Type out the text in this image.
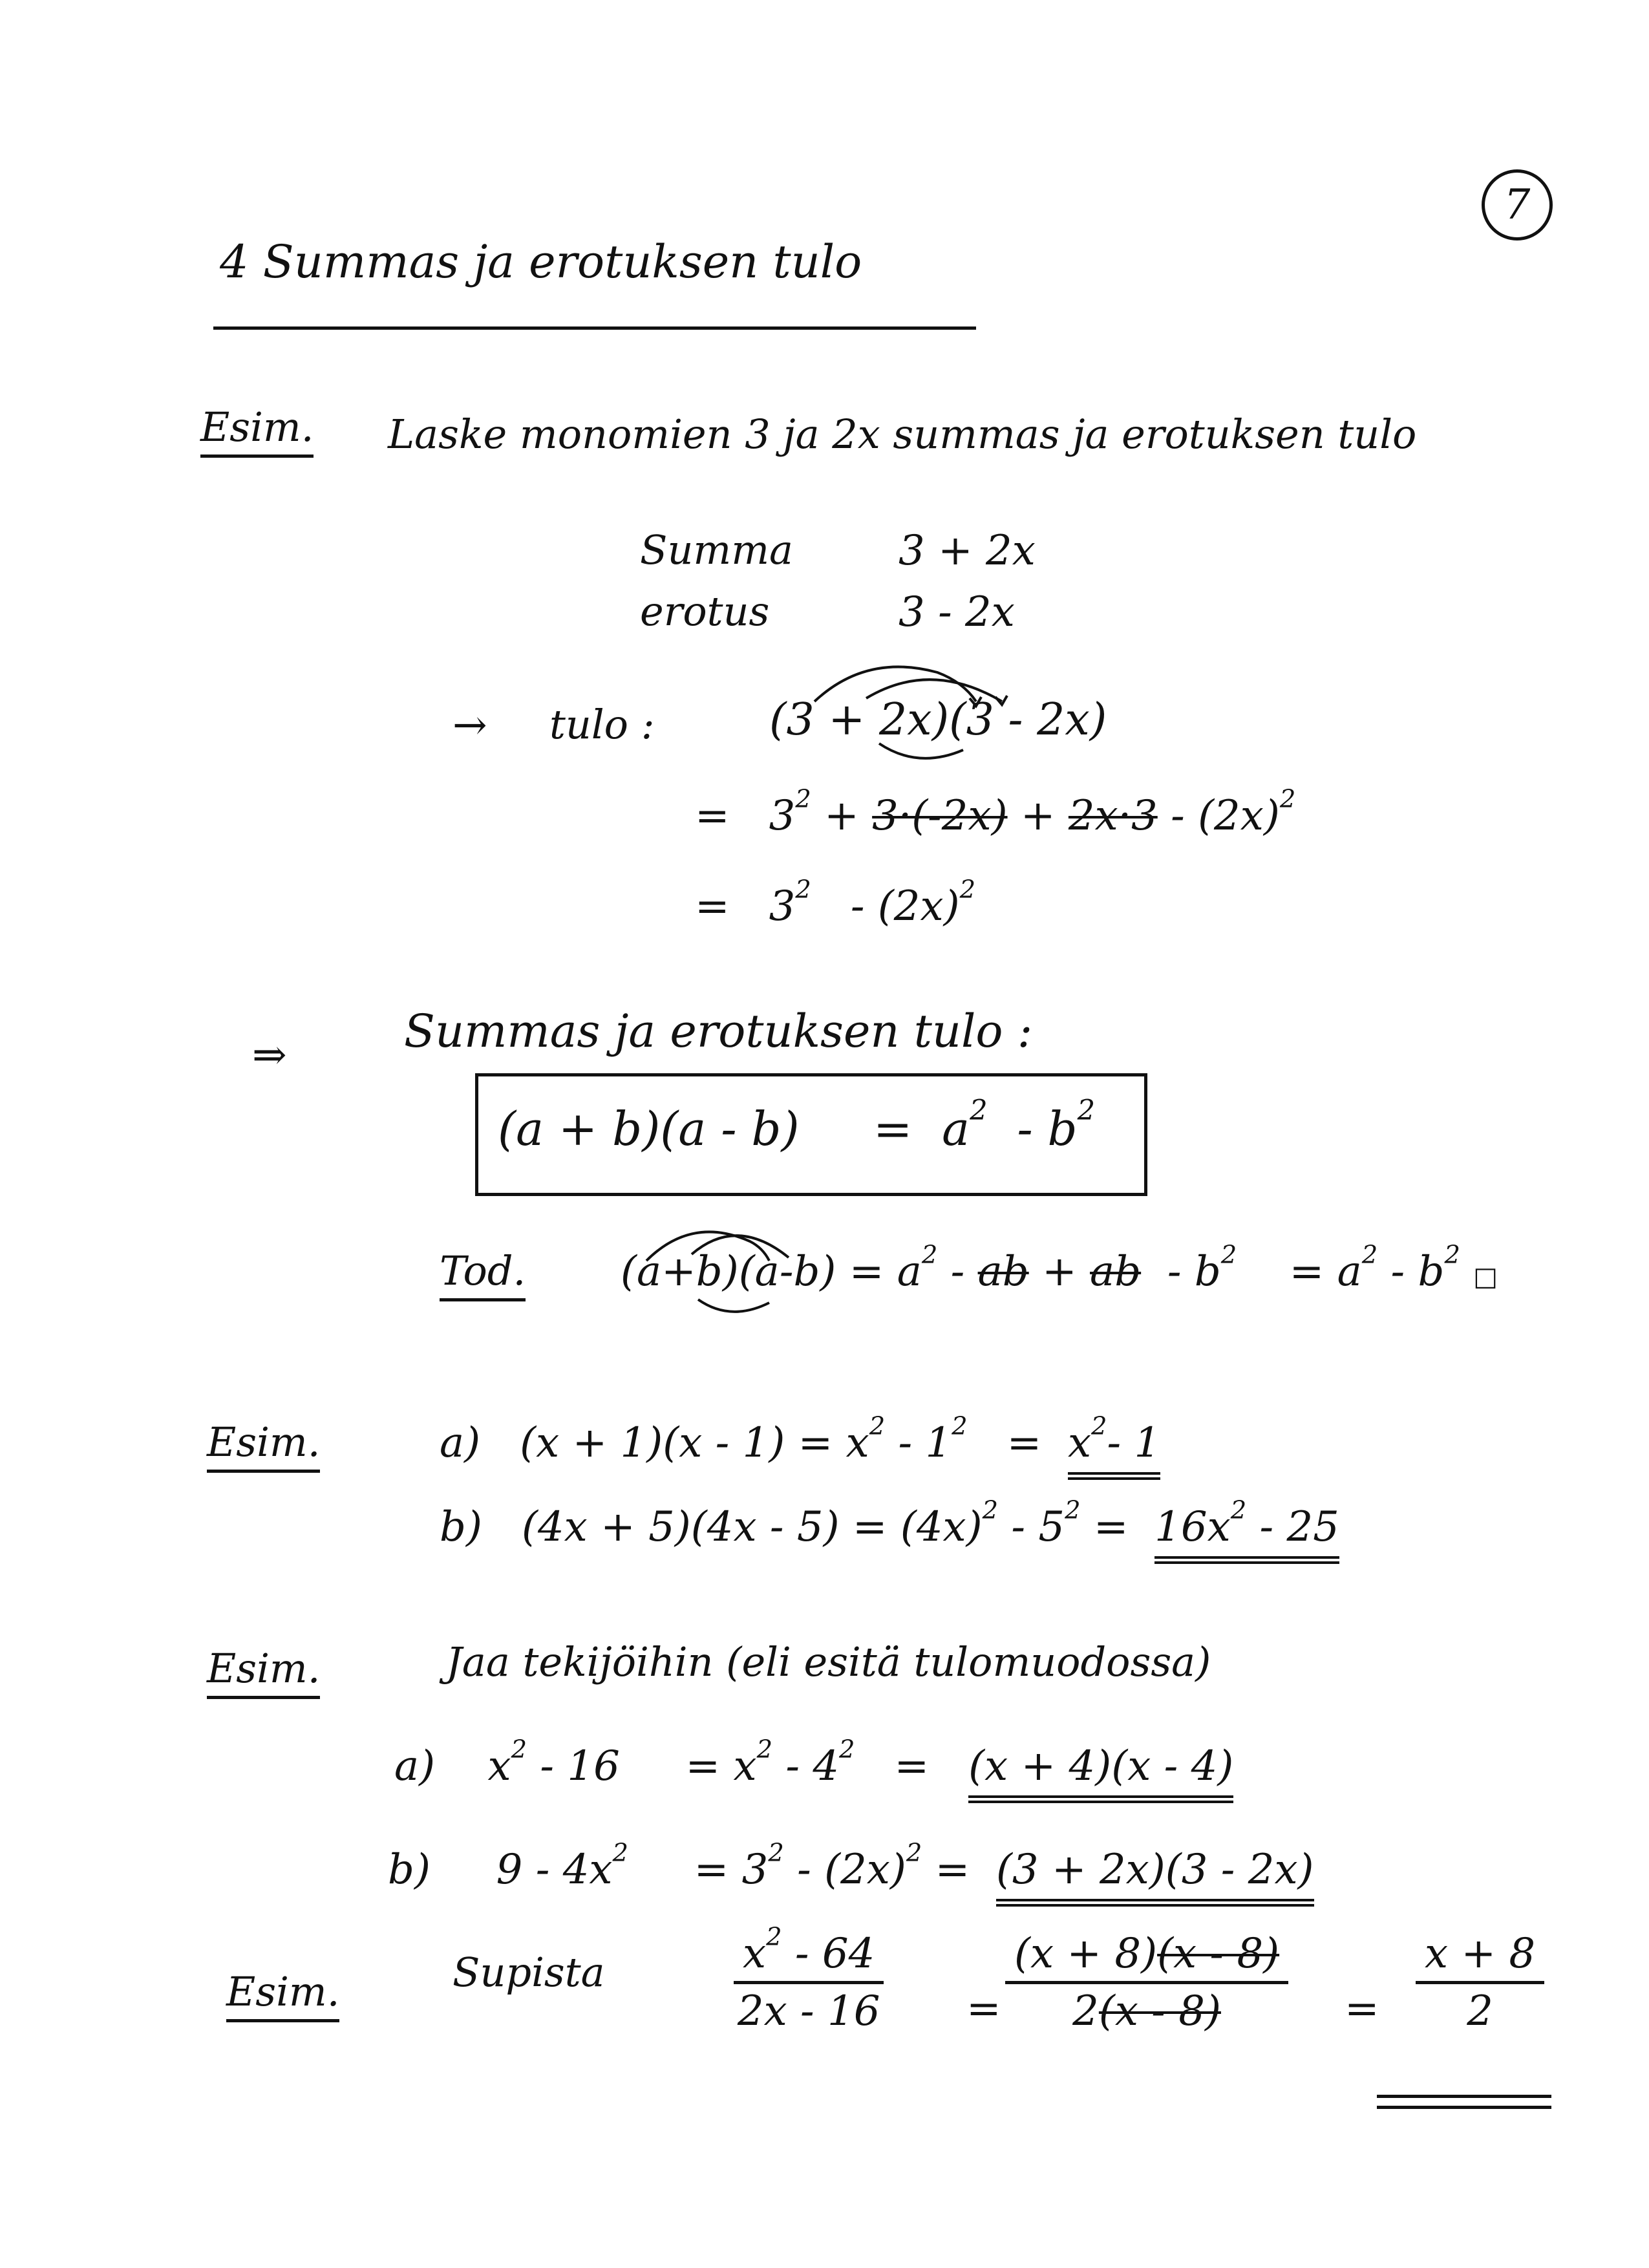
7
4 Summas ja erotuksen tulo
Esim. Laske monomien 3 ja 2x summas ja erotuksen tulo
Summa	3 + 2x
erotus	3 - 2x
→ tulo :	(3 + 2x)(3 - 2x)
= $3^2 + 3\cdot(-2x) + 2x\cdot 3 - (2x)^2$
= $3^2 - (2x)^2$
⇒	Summas ja erotuksen tulo :
$(a + b)(a - b) = a^2 - b^2$
Tod. $(a+b)(a-b) = a^2$ - ab + ab - $b^2 = a^2 - b^2$ □
Esim.	a) $(x + 1)(x - 1) = x^2 - 1^2 = x^2-$ 1
b) $(4x + 5)(4x - 5) = (4x)^2 - 5^2 = 16x^2 - 25$
Esim.	Jaa tekijöihin (eli esitä tulomuodossa)
a) $x^2 - 16 = x^2 - 4^2 = (x + 4)(x - 4)$
b) $9 - 4x^2 = 3^2 - (2x)^2 = (3 + 2x)(3 - 2x)$
Esim.	Supista	$\frac{x^2 - 64}{2x - 16} = \frac{(x + 8)(x - 8)}{2(x - 8)} = \frac{x + 8}{2}$
